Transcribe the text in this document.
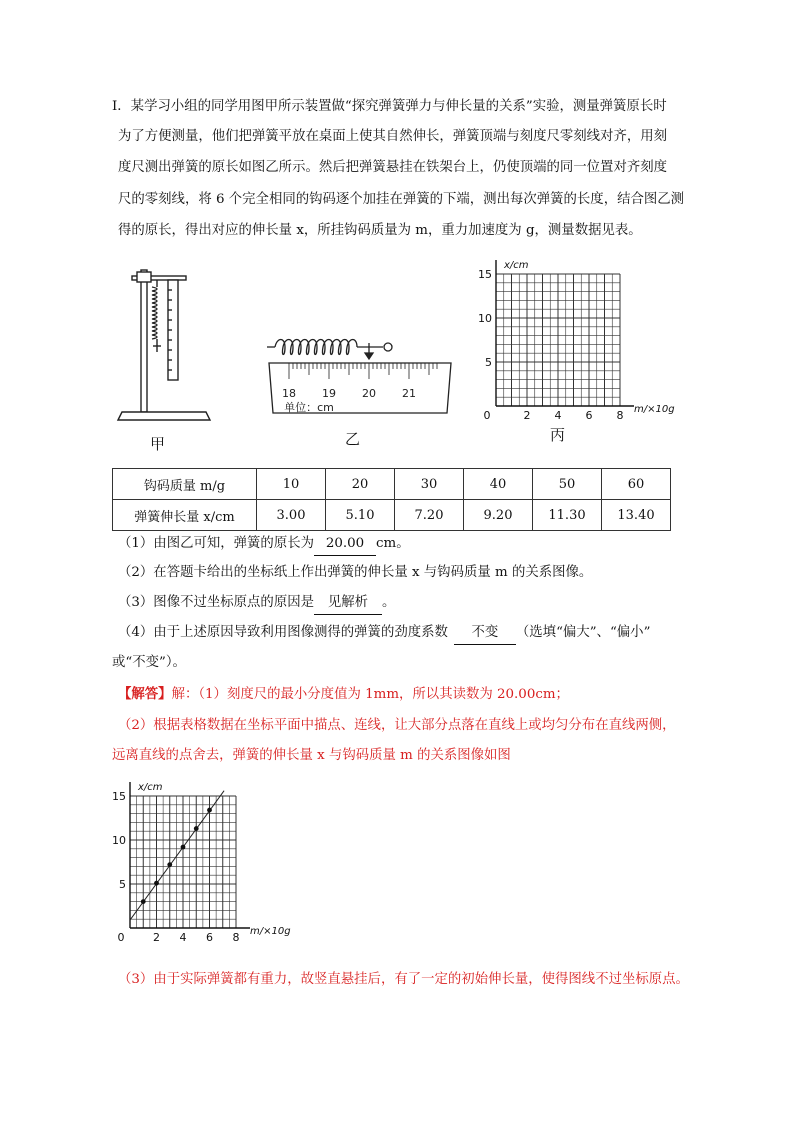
Ⅰ．某学习小组的同学用图甲所示装置做“探究弹簧弹力与伸长量的关系”实验，测量弹簧原长时
为了方便测量，他们把弹簧平放在桌面上使其自然伸长，弹簧顶端与刻度尺零刻线对齐，用刻
度尺测出弹簧的原长如图乙所示。然后把弹簧悬挂在铁架台上，仍使顶端的同一位置对齐刻度
尺的零刻线，将 6 个完全相同的钩码逐个加挂在弹簧的下端，测出每次弹簧的长度，结合图乙测
得的原长，得出对应的伸长量 x，所挂钩码质量为 m，重力加速度为 g，测量数据见表。
甲
18 19 20 21
单位：cm
乙
0	2 4 6 8
15
10
5
x/cm
m/×10g
丙
钩码质量 m/g	10	20	30	40	50	60
弹簧伸长量 x/cm	3.00	5.10	7.20	9.20	11.30	13.40
（1）由图乙可知，弹簧的原长为 20.00 cm。
（2）在答题卡给出的坐标纸上作出弹簧的伸长量 x 与钩码质量 m 的关系图像。
（3）图像不过坐标原点的原因是 见解析 。
（4）由于上述原因导致利用图像测得的弹簧的劲度系数 不变 （选填“偏大”、“偏小”
或“不变”）。
【解答】解：（1）刻度尺的最小分度值为 1mm，所以其读数为 20.00cm；
（2）根据表格数据在坐标平面中描点、连线，让大部分点落在直线上或均匀分布在直线两侧，
远离直线的点舍去，弹簧的伸长量 x 与钩码质量 m 的关系图像如图
0	2 4 6 8
15
10
5
x/cm
m/×10g
（3）由于实际弹簧都有重力，故竖直悬挂后，有了一定的初始伸长量，使得图线不过坐标原点。
